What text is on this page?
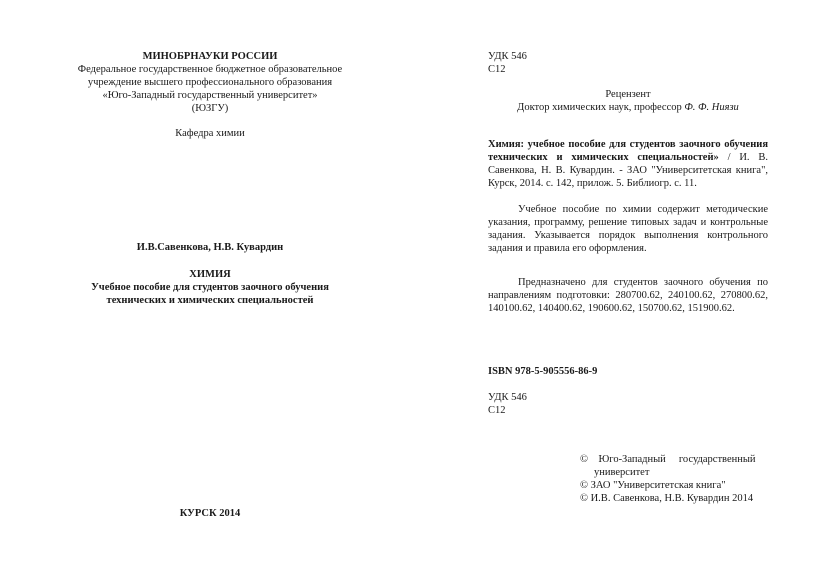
МИНОБРНАУКИ РОССИИ

Федеральное государственное бюджетное образовательное

учреждение высшего профессионального образования

«Юго-Западный государственный университет»

(ЮЗГУ)

Кафедра химии

И.В.Савенкова, Н.В. Кувардин

ХИМИЯ

Учебное пособие для студентов заочного обучения

технических и химических специальностей

КУРСК 2014

УДК 546

С12

Рецензент

Доктор химических наук, профессор Ф. Ф. Ниязи

Химия: учебное пособие для студентов заочного обучения технических и химических специальностей» / И. В. Савенкова, Н. В. Кувардин. - ЗАО "Университетская книга", Курск, 2014. с. 142, прилож. 5. Библиогр. с. 11.

Учебное пособие по химии содержит методические указания, программу, решение типовых задач и контрольные задания. Указывается порядок выполнения контрольного задания и правила его оформления.

Предназначено для студентов заочного обучения по направлениям подготовки: 280700.62, 240100.62, 270800.62, 140100.62, 140400.62, 190600.62, 150700.62, 151900.62.

ISBN 978-5-905556-86-9

УДК 546

С12

©    Юго-Западный     государственный

университет

© ЗАО "Университетская книга"

© И.В. Савенкова, Н.В. Кувардин 2014
